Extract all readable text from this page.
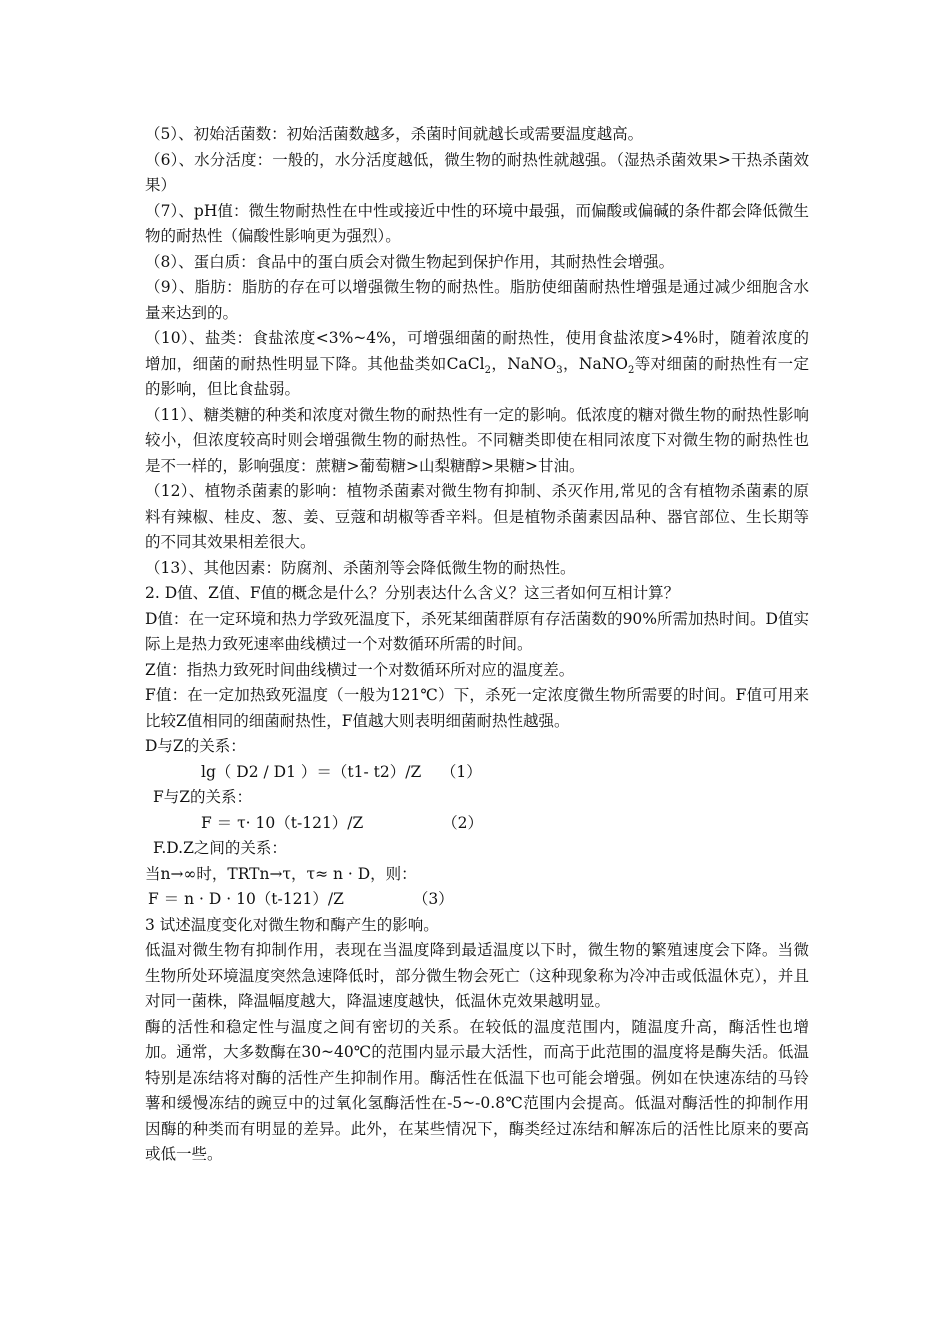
（5）、初始活菌数：初始活菌数越多，杀菌时间就越长或需要温度越高。

（6）、水分活度：一般的，水分活度越低，微生物的耐热性就越强。（湿热杀菌效果>干热杀菌效果）

（7）、pH值：微生物耐热性在中性或接近中性的环境中最强，而偏酸或偏碱的条件都会降低微生物的耐热性（偏酸性影响更为强烈）。

（8）、蛋白质：食品中的蛋白质会对微生物起到保护作用，其耐热性会增强。

（9）、脂肪：脂肪的存在可以增强微生物的耐热性。脂肪使细菌耐热性增强是通过减少细胞含水量来达到的。

（10）、盐类：食盐浓度<3%~4%，可增强细菌的耐热性，使用食盐浓度>4%时，随着浓度的增加，细菌的耐热性明显下降。其他盐类如CaCl$_2$，NaNO$_3$，NaNO$_2$等对细菌的耐热性有一定的影响，但比食盐弱。

（11）、糖类糖的种类和浓度对微生物的耐热性有一定的影响。低浓度的糖对微生物的耐热性影响较小，但浓度较高时则会增强微生物的耐热性。不同糖类即使在相同浓度下对微生物的耐热性也是不一样的，影响强度：蔗糖>葡萄糖>山梨糖醇>果糖>甘油。

（12）、植物杀菌素的影响：植物杀菌素对微生物有抑制、杀灭作用,常见的含有植物杀菌素的原料有辣椒、桂皮、葱、姜、豆蔻和胡椒等香辛料。但是植物杀菌素因品种、器官部位、生长期等的不同其效果相差很大。

（13）、其他因素：防腐剂、杀菌剂等会降低微生物的耐热性。

2. D值、Z值、F值的概念是什么？分别表达什么含义？这三者如何互相计算？

D值：在一定环境和热力学致死温度下，杀死某细菌群原有存活菌数的90%所需加热时间。D值实际上是热力致死速率曲线横过一个对数循环所需的时间。

Z值：指热力致死时间曲线横过一个对数循环所对应的温度差。

F值：在一定加热致死温度（一般为121℃）下，杀死一定浓度微生物所需要的时间。F值可用来比较Z值相同的细菌耐热性，F值越大则表明细菌耐热性越强。

D与Z的关系：

lg（ D2 / D1 ）＝（t1- t2）/Z    （1）

F与Z的关系：

F ＝ τ· 10（t-121）/Z                （2）

F.D.Z之间的关系：

当n→∞时，TRTn→τ，τ≈ n · D，则：

F ＝ n · D · 10（t-121）/Z              （3）

3 试述温度变化对微生物和酶产生的影响。

低温对微生物有抑制作用，表现在当温度降到最适温度以下时，微生物的繁殖速度会下降。当微生物所处环境温度突然急速降低时，部分微生物会死亡（这种现象称为冷冲击或低温休克），并且对同一菌株，降温幅度越大，降温速度越快，低温休克效果越明显。

酶的活性和稳定性与温度之间有密切的关系。在较低的温度范围内，随温度升高，酶活性也增加。通常，大多数酶在30~40℃的范围内显示最大活性，而高于此范围的温度将是酶失活。低温特别是冻结将对酶的活性产生抑制作用。酶活性在低温下也可能会增强。例如在快速冻结的马铃薯和缓慢冻结的豌豆中的过氧化氢酶活性在-5~-0.8℃范围内会提高。低温对酶活性的抑制作用因酶的种类而有明显的差异。此外，在某些情况下，酶类经过冻结和解冻后的活性比原来的要高或低一些。
